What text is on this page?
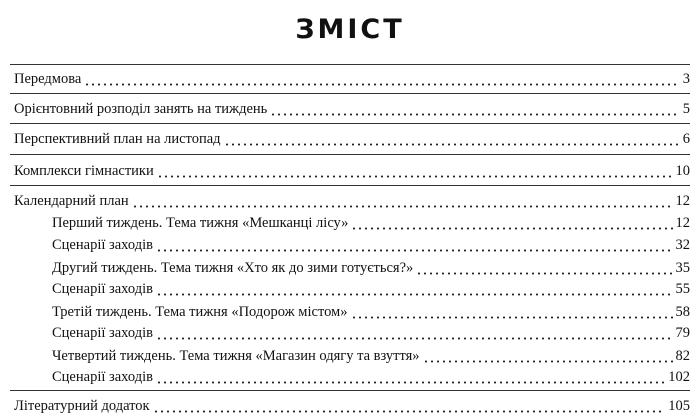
ЗМІСТ
Передмова	3
Орієнтовний розподіл занять на тиждень	5
Перспективний план на листопад	6
Комплекси гімнастики	10
Календарний план	12
Перший тиждень. Тема тижня «Мешканці лісу»	12
Сценарії заходів	32
Другий тиждень. Тема тижня «Хто як до зими готується?»	35
Сценарії заходів	55
Третій тиждень. Тема тижня «Подорож містом»	58
Сценарії заходів	79
Четвертий тиждень. Тема тижня «Магазин одягу та взуття»	82
Сценарії заходів	102
Літературний додаток	105
